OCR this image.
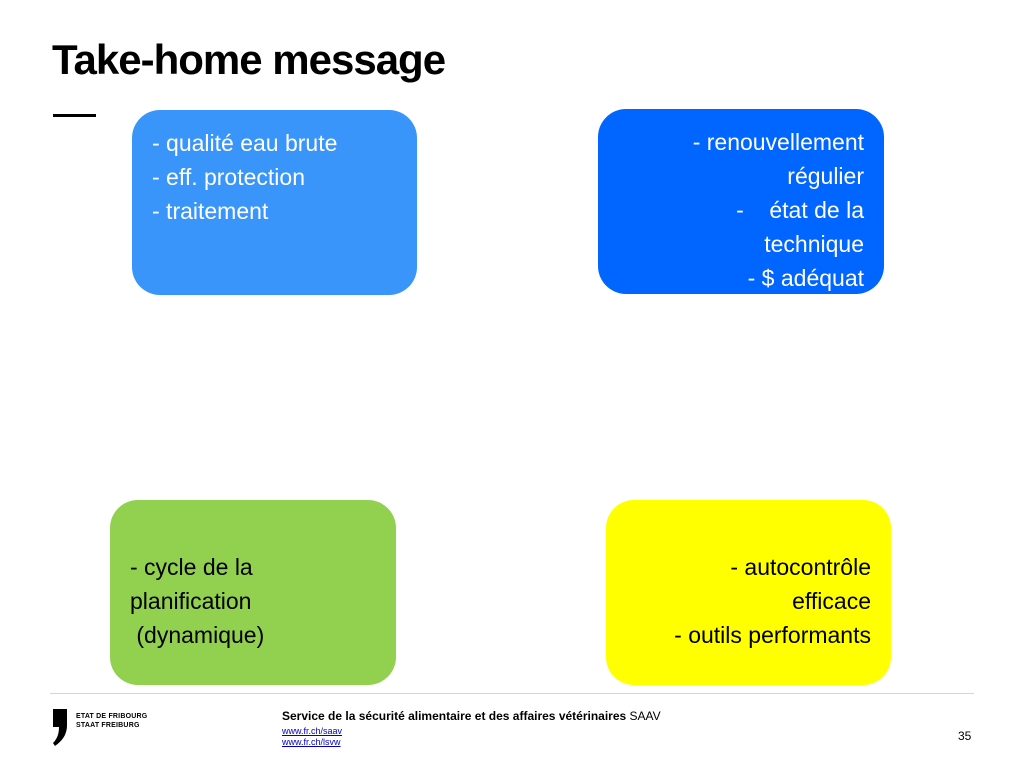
Take-home message
- qualité eau brute
- eff. protection
- traitement
- renouvellement
régulier
-    état de la
technique
- $ adéquat
- cycle de la
planification
(dynamique)
- autocontrôle
efficace
- outils performants
ETAT DE FRIBOURG
STAAT FREIBURG
Service de la sécurité alimentaire et des affaires vétérinaires SAAV
www.fr.ch/saav
www.fr.ch/lsvw	35
